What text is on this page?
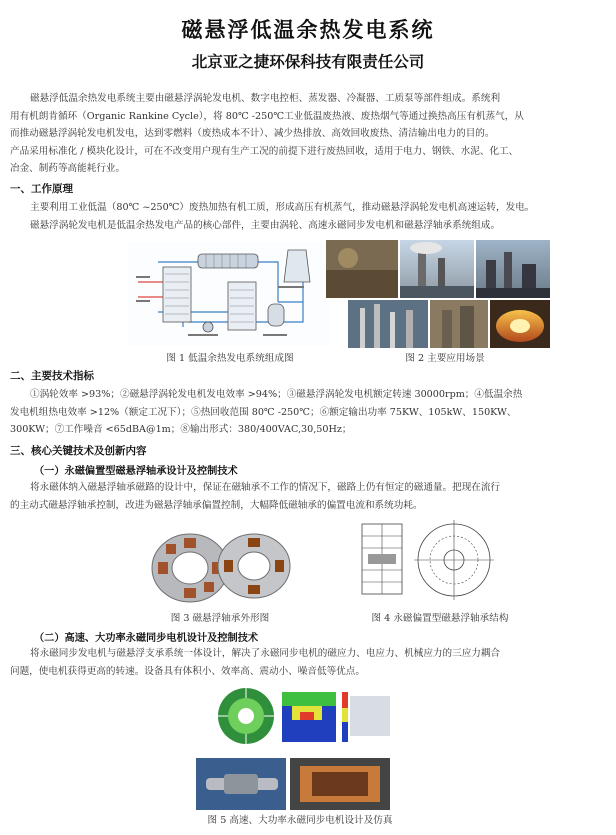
磁悬浮低温余热发电系统
北京亚之捷环保科技有限责任公司
磁悬浮低温余热发电系统主要由磁悬浮涡轮发电机、数字电控柜、蒸发器、冷凝器、工质泵等部件组成。系统利
用有机朗肯循环（Organic Rankine Cycle），将 80℃ -250℃工业低温废热液、废热烟气等通过换热高压有机蒸气，从
而推动磁悬浮涡轮发电机发电，达到零燃料（废热成本不计）、减少热排放、高效回收废热、清洁输出电力的目的。
产品采用标准化 / 模块化设计，可在不改变用户现有生产工况的前提下进行废热回收，适用于电力、钢铁、水泥、化工、
冶金、制药等高能耗行业。
一、工作原理
主要利用工业低温（80℃ ~250℃）废热加热有机工质，形成高压有机蒸气，推动磁悬浮涡轮发电机高速运转，发电。
磁悬浮涡轮发电机是低温余热发电产品的核心部件，主要由涡轮、高速永磁同步发电机和磁悬浮轴承系统组成。
图 1 低温余热发电系统组成图	图 2 主要应用场景
二、主要技术指标
①涡轮效率 >93%；②磁悬浮涡轮发电机发电效率 >94%；③磁悬浮涡轮发电机额定转速 30000rpm；④低温余热
发电机组热电效率 >12%（额定工况下）；⑤热回收范围 80℃ -250℃；⑥额定输出功率 75KW、105kW、150KW、
300KW；⑦工作噪音 <65dBA@1m；⑧输出形式：380/400VAC,30,50Hz；
三、核心关键技术及创新内容
（一）永磁偏置型磁悬浮轴承设计及控制技术
将永磁体纳入磁悬浮轴承磁路的设计中，保证在磁轴承不工作的情况下，磁路上仍有恒定的磁通量。把现在流行
的主动式磁悬浮轴承控制，改进为磁悬浮轴承偏置控制，大幅降低磁轴承的偏置电流和系统功耗。
图 3 磁悬浮轴承外形图	图 4 永磁偏置型磁悬浮轴承结构
（二）高速、大功率永磁同步电机设计及控制技术
将永磁同步发电机与磁悬浮支承系统一体设计，解决了永磁同步电机的磁应力、电应力、机械应力的三应力耦合
问题，使电机获得更高的转速。设备具有体积小、效率高、震动小、噪音低等优点。
图 5 高速、大功率永磁同步电机设计及仿真
